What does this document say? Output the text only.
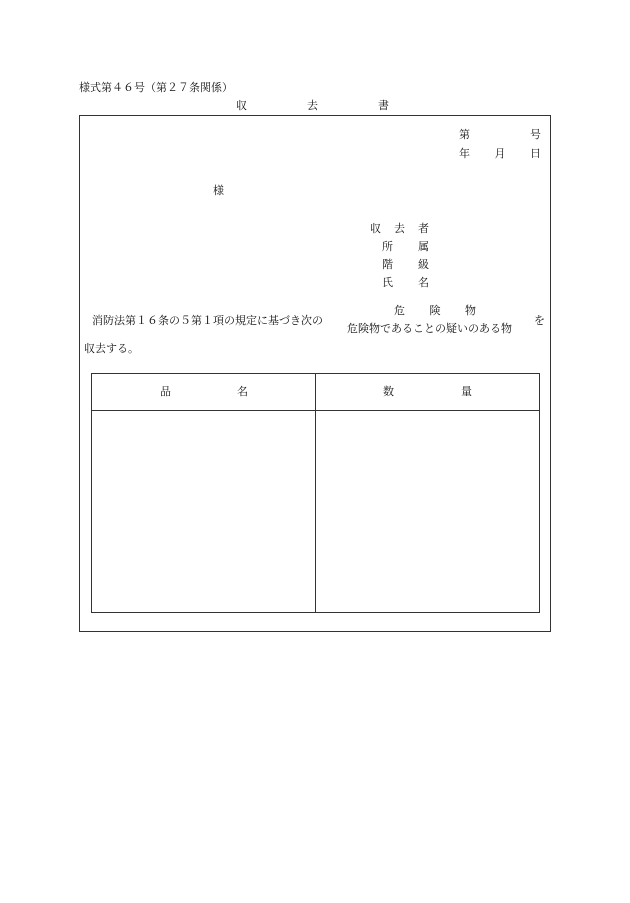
様式第４６号（第２７条関係）
収	去	書
第	号
年 月 日
様
収 去 者
所 属
階 級
氏 名
消防法第１６条の５第１項の規定に基づき次の
危 険 物
危険物であることの疑いのある物
を
収去する。
品	名	数	量
